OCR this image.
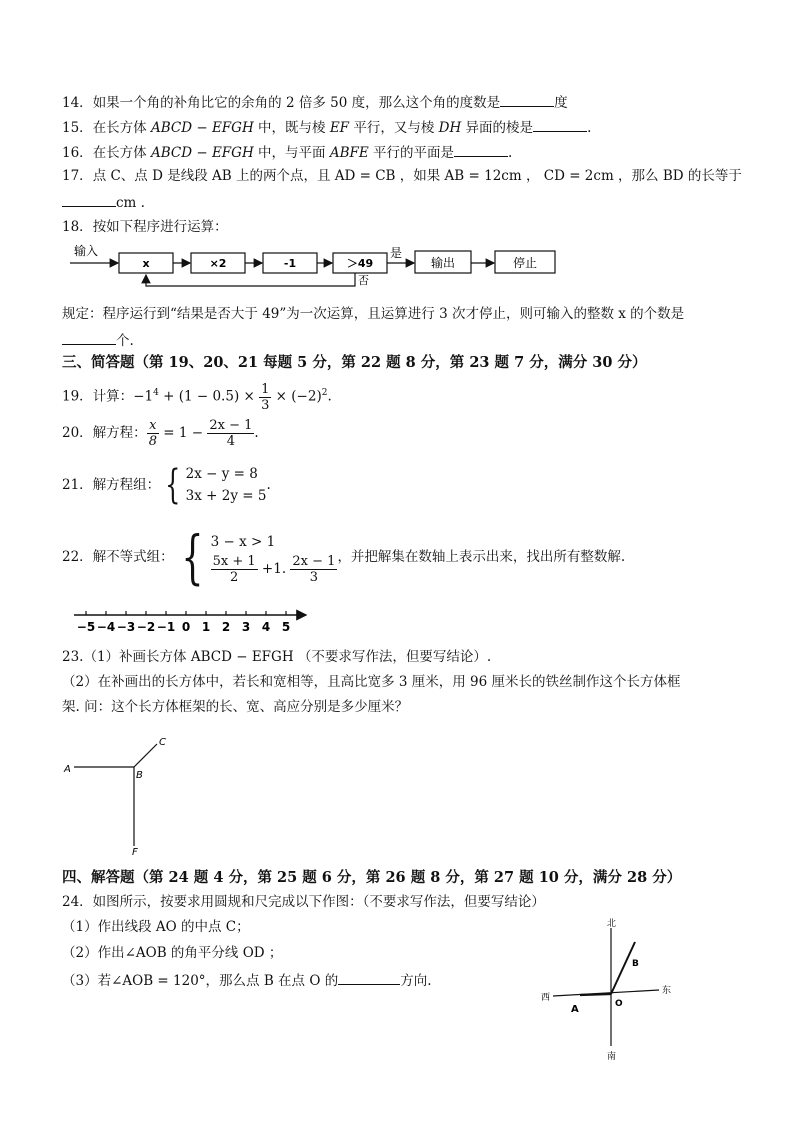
14．如果一个角的补角比它的余角的 2 倍多 50 度，那么这个角的度数是	度
15．在长方体 ABCD − EFGH 中，既与棱 EF 平行，又与棱 DH 异面的棱是	.
16．在长方体 ABCD − EFGH 中，与平面 ABFE 平行的平面是	.
17．点 C、点 D 是线段 AB 上的两个点，且 AD = CB ，如果 AB = 12cm ， CD = 2cm ，那么 BD 的长等于
cm .
18．按如下程序进行运算：
输入
x	×2	-1	＞49
是
输出	停止
否
规定：程序运行到“结果是否大于 49”为一次运算，且运算进行 3 次才停止，则可输入的整数 x 的个数是
个.
三、简答题（第 19、20、21 每题 5 分，第 22 题 8 分，第 23 题 7 分，满分 30 分）
19．计算：$-1^4 + (1 - 0.5) \times \frac{1}{3} \times (-2)^2$.
20．解方程： $\frac{x}{8} = 1 - \frac{2x - 1}{4}$ .
21．解方程组： { 2x − y = 8
3x + 2y = 5
.
22．解不等式组： { 3 − x > 1
$\frac{5x + 1}{2} +1$. $\frac{2x - 1}{3}$ ，并把解集在数轴上表示出来，找出所有整数解.
−5 −4 −3 −2 −1 0 1 2 3 4 5
23.（1）补画长方体 ABCD − EFGH （不要求写作法，但要写结论）.
（2）在补画出的长方体中，若长和宽相等，且高比宽多 3 厘米，用 96 厘米长的铁丝制作这个长方体框
架. 问：这个长方体框架的长、宽、高应分别是多少厘米？
A
B
C
F
四、解答题（第 24 题 4 分，第 25 题 6 分，第 26 题 8 分，第 27 题 10 分，满分 28 分）
24．如图所示，按要求用圆规和尺完成以下作图：（不要求写作法，但要写结论）
（1）作出线段 AO 的中点 C；
（2）作出∠AOB 的角平分线 OD ；
（3）若∠AOB = 120°，那么点 B 在点 O 的	方向.
北
南
西
东
A
B
O
